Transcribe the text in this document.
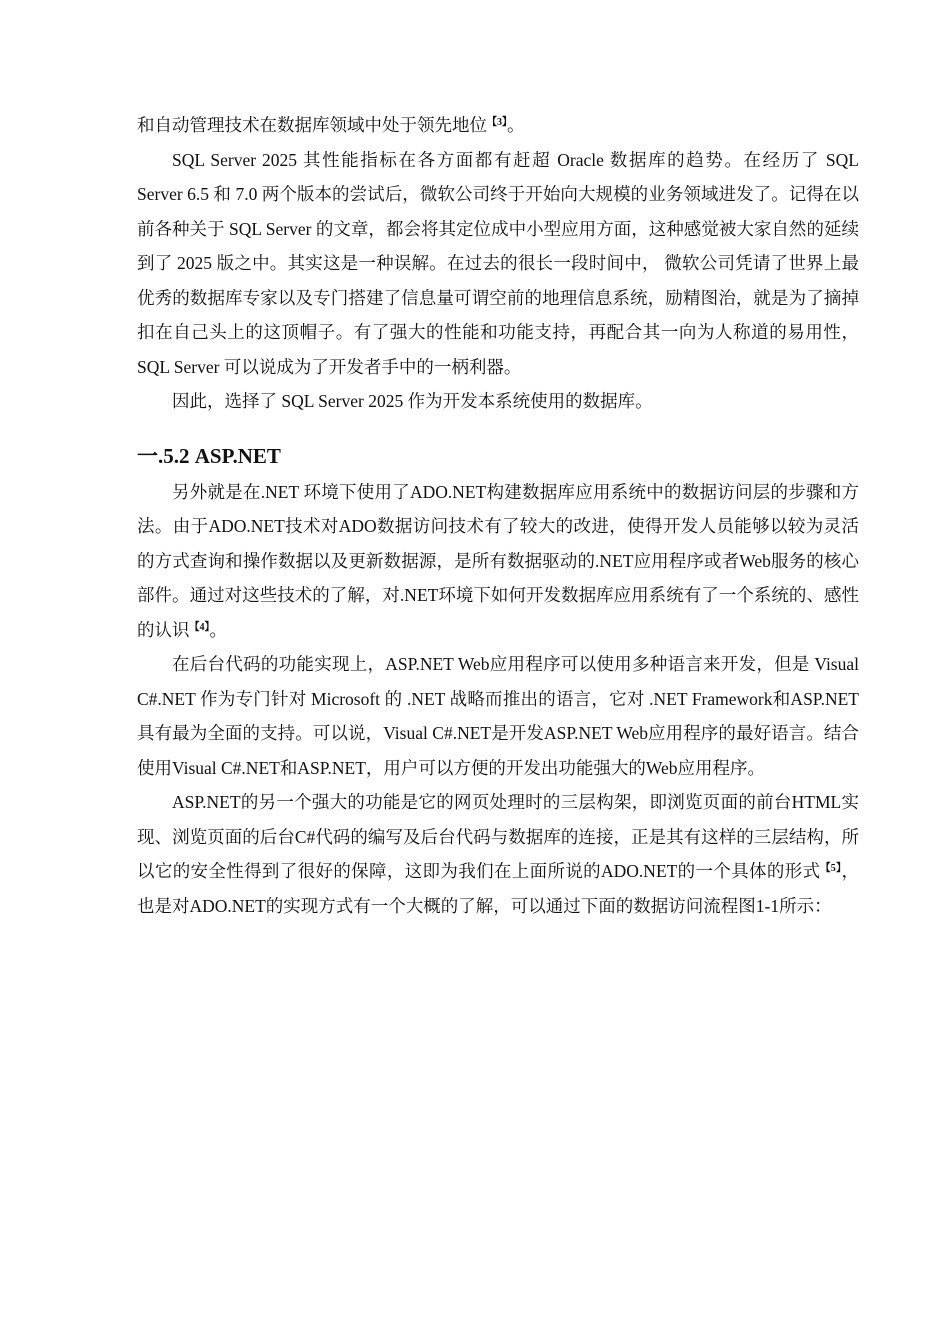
和自动管理技术在数据库领域中处于领先地位$^{【3】}$。

SQL Server 2025 其性能指标在各方面都有赶超 Oracle 数据库的趋势。在经历了 SQL Server 6.5 和 7.0 两个版本的尝试后，微软公司终于开始向大规模的业务领域进发了。记得在以前各种关于 SQL Server 的文章，都会将其定位成中小型应用方面，这种感觉被大家自然的延续到了 2025 版之中。其实这是一种误解。在过去的很长一段时间中， 微软公司凭请了世界上最优秀的数据库专家以及专门搭建了信息量可谓空前的地理信息系统，励精图治，就是为了摘掉扣在自己头上的这顶帽子。有了强大的性能和功能支持，再配合其一向为人称道的易用性，SQL Server 可以说成为了开发者手中的一柄利器。

因此，选择了 SQL Server 2025 作为开发本系统使用的数据库。

一.5.2 ASP.NET

另外就是在.NET 环境下使用了ADO.NET构建数据库应用系统中的数据访问层的步骤和方法。由于ADO.NET技术对ADO数据访问技术有了较大的改进，使得开发人员能够以较为灵活的方式查询和操作数据以及更新数据源，是所有数据驱动的.NET应用程序或者Web服务的核心部件。通过对这些技术的了解，对.NET环境下如何开发数据库应用系统有了一个系统的、感性的认识$^{【4】}$。

在后台代码的功能实现上，ASP.NET Web应用程序可以使用多种语言来开发，但是 Visual C#.NET 作为专门针对 Microsoft 的 .NET 战略而推出的语言，它对 .NET Framework和ASP.NET具有最为全面的支持。可以说，Visual C#.NET是开发ASP.NET Web应用程序的最好语言。结合使用Visual C#.NET和ASP.NET，用户可以方便的开发出功能强大的Web应用程序。

ASP.NET的另一个强大的功能是它的网页处理时的三层构架，即浏览页面的前台HTML实现、浏览页面的后台C#代码的编写及后台代码与数据库的连接，正是其有这样的三层结构，所以它的安全性得到了很好的保障，这即为我们在上面所说的ADO.NET的一个具体的形式$^{【5】}$，也是对ADO.NET的实现方式有一个大概的了解，可以通过下面的数据访问流程图1-1所示：
